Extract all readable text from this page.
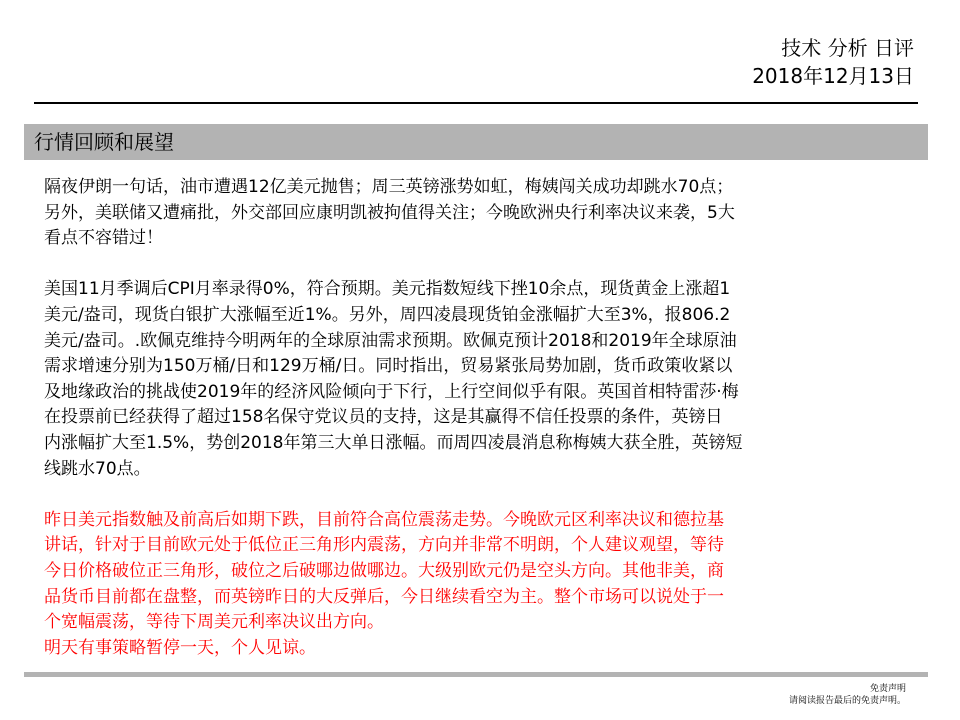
技术 分析 日评
2018年12月13日
行情回顾和展望
隔夜伊朗一句话，油市遭遇12亿美元抛售；周三英镑涨势如虹，梅姨闯关成功却跳水70点；
另外，美联储又遭痛批，外交部回应康明凯被拘值得关注；今晚欧洲央行利率决议来袭，5大
看点不容错过！
美国11月季调后CPI月率录得0%，符合预期。美元指数短线下挫10余点，现货黄金上涨超1
美元/盎司，现货白银扩大涨幅至近1%。另外，周四凌晨现货铂金涨幅扩大至3%，报806.2
美元/盎司。.欧佩克维持今明两年的全球原油需求预期。欧佩克预计2018和2019年全球原油
需求增速分别为150万桶/日和129万桶/日。同时指出，贸易紧张局势加剧，货币政策收紧以
及地缘政治的挑战使2019年的经济风险倾向于下行，上行空间似乎有限。英国首相特雷莎·梅
在投票前已经获得了超过158名保守党议员的支持，这是其赢得不信任投票的条件，英镑日
内涨幅扩大至1.5%，势创2018年第三大单日涨幅。而周四凌晨消息称梅姨大获全胜，英镑短
线跳水70点。
昨日美元指数触及前高后如期下跌，目前符合高位震荡走势。今晚欧元区利率决议和德拉基
讲话，针对于目前欧元处于低位正三角形内震荡，方向并非常不明朗，个人建议观望，等待
今日价格破位正三角形，破位之后破哪边做哪边。大级别欧元仍是空头方向。其他非美，商
品货币目前都在盘整，而英镑昨日的大反弹后，今日继续看空为主。整个市场可以说处于一
个宽幅震荡，等待下周美元利率决议出方向。
明天有事策略暂停一天，个人见谅。
免责声明
请阅读报告最后的免责声明。
